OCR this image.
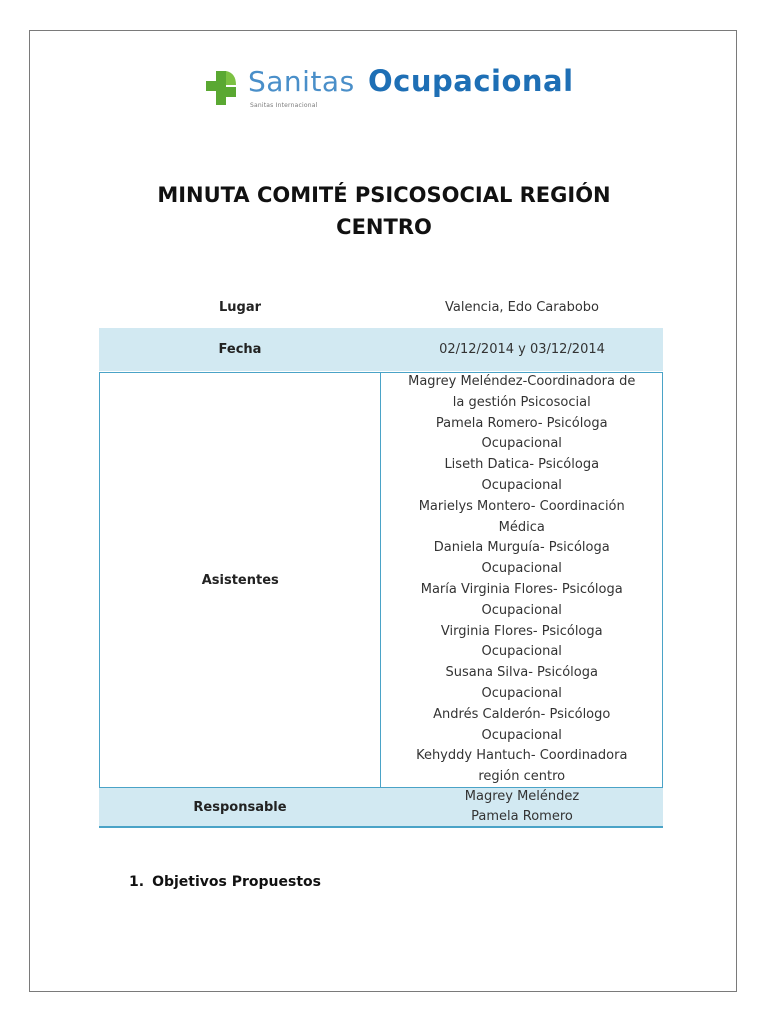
Sanitas Ocupacional
Sanitas Internacional
MINUTA COMITÉ PSICOSOCIAL REGIÓN
CENTRO
Lugar	Valencia, Edo Carabobo
Fecha	02/12/2014 y 03/12/2014
Asistentes
Magrey Meléndez-Coordinadora de
la gestión Psicosocial
Pamela Romero- Psicóloga
Ocupacional
Liseth Datica- Psicóloga
Ocupacional
Marielys Montero- Coordinación
Médica
Daniela Murguía- Psicóloga
Ocupacional
María Virginia Flores- Psicóloga
Ocupacional
Virginia Flores- Psicóloga
Ocupacional
Susana Silva- Psicóloga
Ocupacional
Andrés Calderón- Psicólogo
Ocupacional
Kehyddy Hantuch- Coordinadora
región centro
Responsable
Magrey Meléndez
Pamela Romero
1. Objetivos Propuestos
